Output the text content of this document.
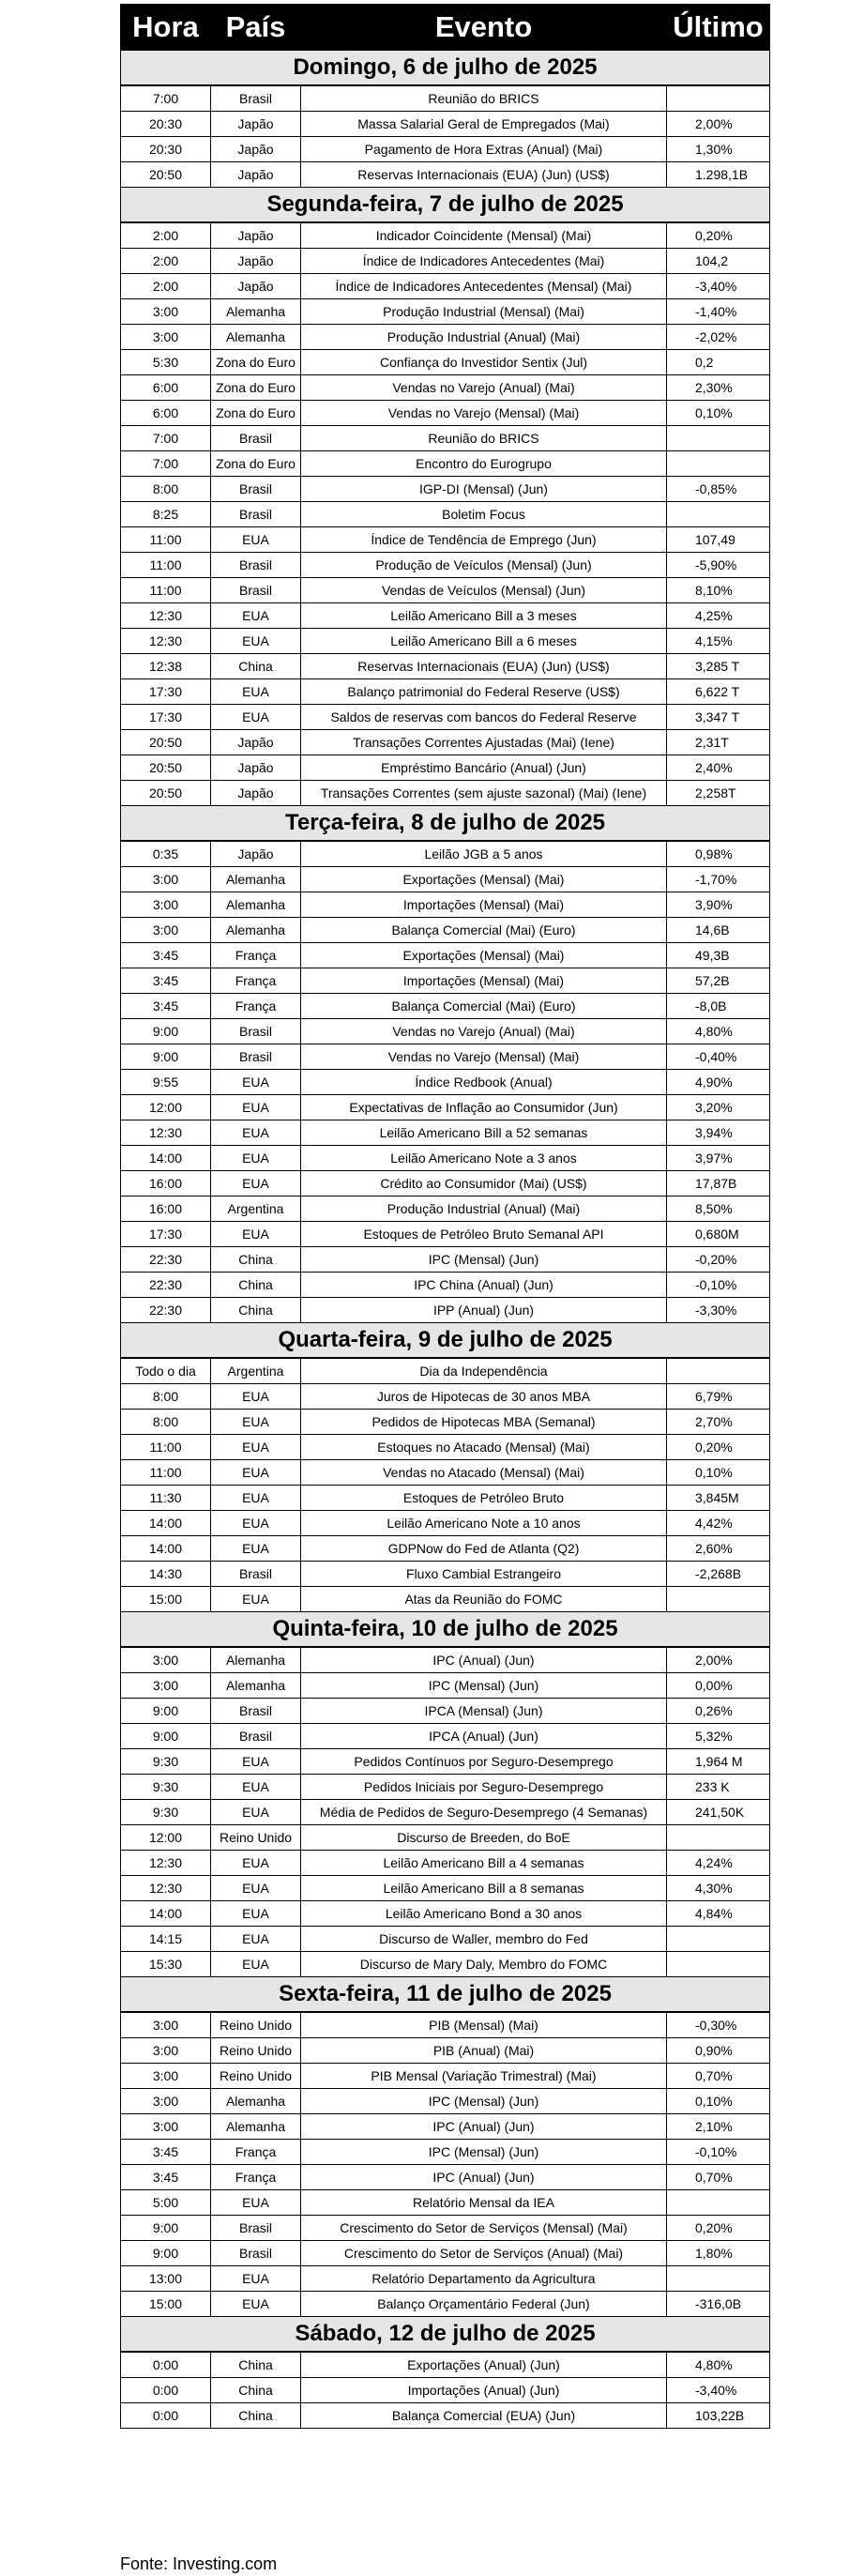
Hora	País	Evento	Último
Domingo, 6 de julho de 2025			
7:00	Brasil	Reunião do BRICS	
20:30	Japão	Massa Salarial Geral de Empregados (Mai)	2,00%
20:30	Japão	Pagamento de Hora Extras (Anual) (Mai)	1,30%
20:50	Japão	Reservas Internacionais (EUA) (Jun) (US$)	1.298,1B
Segunda-feira, 7 de julho de 2025			
2:00	Japão	Indicador Coincidente (Mensal) (Mai)	0,20%
2:00	Japão	Índice de Indicadores Antecedentes (Mai)	104,2
2:00	Japão	Índice de Indicadores Antecedentes (Mensal) (Mai)	-3,40%
3:00	Alemanha	Produção Industrial (Mensal) (Mai)	-1,40%
3:00	Alemanha	Produção Industrial (Anual) (Mai)	-2,02%
5:30	Zona do Euro	Confiança do Investidor Sentix (Jul)	0,2
6:00	Zona do Euro	Vendas no Varejo (Anual) (Mai)	2,30%
6:00	Zona do Euro	Vendas no Varejo (Mensal) (Mai)	0,10%
7:00	Brasil	Reunião do BRICS	
7:00	Zona do Euro	Encontro do Eurogrupo	
8:00	Brasil	IGP-DI (Mensal) (Jun)	-0,85%
8:25	Brasil	Boletim Focus	
11:00	EUA	Índice de Tendência de Emprego (Jun)	107,49
11:00	Brasil	Produção de Veículos (Mensal) (Jun)	-5,90%
11:00	Brasil	Vendas de Veículos (Mensal) (Jun)	8,10%
12:30	EUA	Leilão Americano Bill a 3 meses	4,25%
12:30	EUA	Leilão Americano Bill a 6 meses	4,15%
12:38	China	Reservas Internacionais (EUA) (Jun) (US$)	3,285 T
17:30	EUA	Balanço patrimonial do Federal Reserve (US$)	6,622 T
17:30	EUA	Saldos de reservas com bancos do Federal Reserve	3,347 T
20:50	Japão	Transações Correntes Ajustadas (Mai) (Iene)	2,31T
20:50	Japão	Empréstimo Bancário (Anual) (Jun)	2,40%
20:50	Japão	Transações Correntes (sem ajuste sazonal) (Mai) (Iene)	2,258T
Terça-feira, 8 de julho de 2025			
0:35	Japão	Leilão JGB a 5 anos	0,98%
3:00	Alemanha	Exportações (Mensal) (Mai)	-1,70%
3:00	Alemanha	Importações (Mensal) (Mai)	3,90%
3:00	Alemanha	Balança Comercial (Mai) (Euro)	14,6B
3:45	França	Exportações (Mensal) (Mai)	49,3B
3:45	França	Importações (Mensal) (Mai)	57,2B
3:45	França	Balança Comercial (Mai) (Euro)	-8,0B
9:00	Brasil	Vendas no Varejo (Anual) (Mai)	4,80%
9:00	Brasil	Vendas no Varejo (Mensal) (Mai)	-0,40%
9:55	EUA	Índice Redbook (Anual)	4,90%
12:00	EUA	Expectativas de Inflação ao Consumidor (Jun)	3,20%
12:30	EUA	Leilão Americano Bill a 52 semanas	3,94%
14:00	EUA	Leilão Americano Note a 3 anos	3,97%
16:00	EUA	Crédito ao Consumidor (Mai) (US$)	17,87B
16:00	Argentina	Produção Industrial (Anual) (Mai)	8,50%
17:30	EUA	Estoques de Petróleo Bruto Semanal API	0,680M
22:30	China	IPC (Mensal) (Jun)	-0,20%
22:30	China	IPC China (Anual) (Jun)	-0,10%
22:30	China	IPP (Anual) (Jun)	-3,30%
Quarta-feira, 9 de julho de 2025			
Todo o dia	Argentina	Dia da Independência	
8:00	EUA	Juros de Hipotecas de 30 anos MBA	6,79%
8:00	EUA	Pedidos de Hipotecas MBA (Semanal)	2,70%
11:00	EUA	Estoques no Atacado (Mensal) (Mai)	0,20%
11:00	EUA	Vendas no Atacado (Mensal) (Mai)	0,10%
11:30	EUA	Estoques de Petróleo Bruto	3,845M
14:00	EUA	Leilão Americano Note a 10 anos	4,42%
14:00	EUA	GDPNow do Fed de Atlanta (Q2)	2,60%
14:30	Brasil	Fluxo Cambial Estrangeiro	-2,268B
15:00	EUA	Atas da Reunião do FOMC	
Quinta-feira, 10 de julho de 2025			
3:00	Alemanha	IPC (Anual) (Jun)	2,00%
3:00	Alemanha	IPC (Mensal) (Jun)	0,00%
9:00	Brasil	IPCA (Mensal) (Jun)	0,26%
9:00	Brasil	IPCA (Anual) (Jun)	5,32%
9:30	EUA	Pedidos Contínuos por Seguro-Desemprego	1,964 M
9:30	EUA	Pedidos Iniciais por Seguro-Desemprego	233 K
9:30	EUA	Média de Pedidos de Seguro-Desemprego (4 Semanas)	241,50K
12:00	Reino Unido	Discurso de Breeden, do BoE	
12:30	EUA	Leilão Americano Bill a 4 semanas	4,24%
12:30	EUA	Leilão Americano Bill a 8 semanas	4,30%
14:00	EUA	Leilão Americano Bond a 30 anos	4,84%
14:15	EUA	Discurso de Waller, membro do Fed	
15:30	EUA	Discurso de Mary Daly, Membro do FOMC	
Sexta-feira, 11 de julho de 2025			
3:00	Reino Unido	PIB (Mensal) (Mai)	-0,30%
3:00	Reino Unido	PIB (Anual) (Mai)	0,90%
3:00	Reino Unido	PIB Mensal (Variação Trimestral) (Mai)	0,70%
3:00	Alemanha	IPC (Mensal) (Jun)	0,10%
3:00	Alemanha	IPC (Anual) (Jun)	2,10%
3:45	França	IPC (Mensal) (Jun)	-0,10%
3:45	França	IPC (Anual) (Jun)	0,70%
5:00	EUA	Relatório Mensal da IEA	
9:00	Brasil	Crescimento do Setor de Serviços (Mensal) (Mai)	0,20%
9:00	Brasil	Crescimento do Setor de Serviços (Anual) (Mai)	1,80%
13:00	EUA	Relatório Departamento da Agricultura	
15:00	EUA	Balanço Orçamentário Federal (Jun)	-316,0B
Sábado, 12 de julho de 2025			
0:00	China	Exportações (Anual) (Jun)	4,80%
0:00	China	Importações (Anual) (Jun)	-3,40%
0:00	China	Balança Comercial (EUA) (Jun)	103,22B
Fonte: Investing.com
